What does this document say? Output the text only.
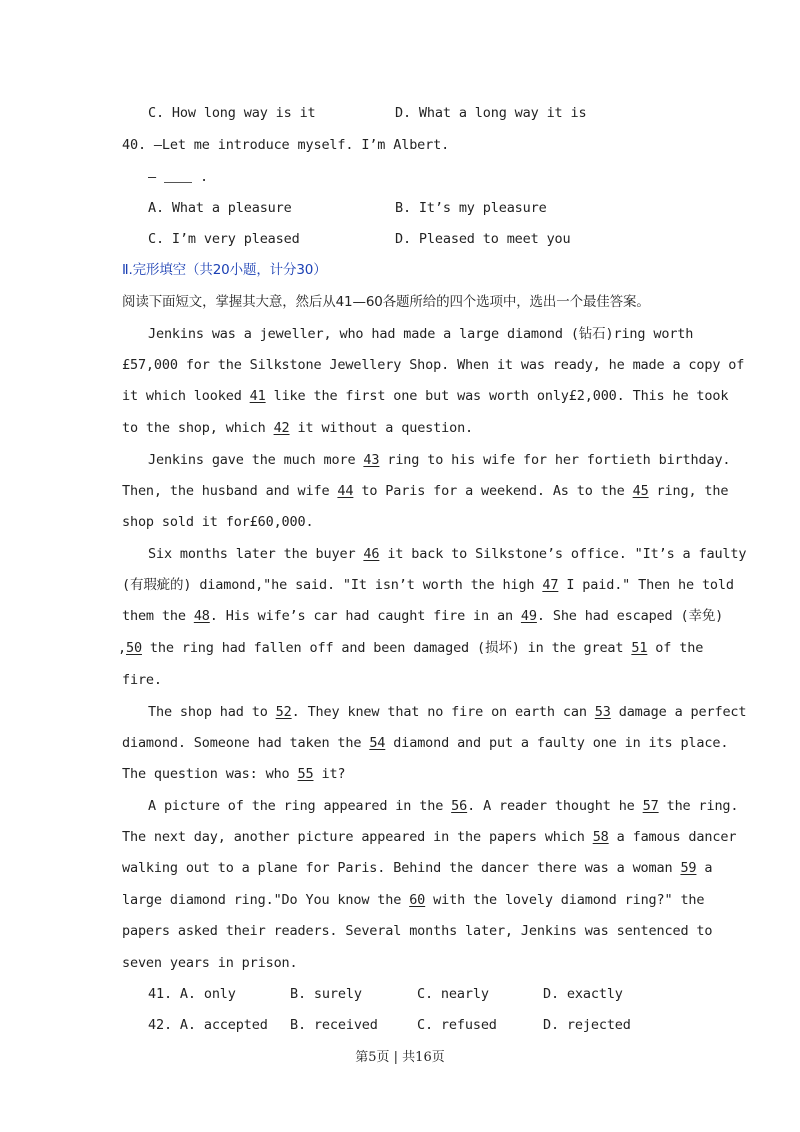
C. How long way is it	D. What a long way it is
40. —Let me introduce myself. I’m Albert.
—	.
A. What a pleasure	B. It’s my pleasure
C. I’m very pleased	D. Pleased to meet you
Ⅱ.完形填空（共20小题，计分30）
阅读下面短文，掌握其大意，然后从41—60各题所给的四个选项中，选出一个最佳答案。
Jenkins was a jeweller, who had made a large diamond (钻石)ring worth
£57,000 for the Silkstone Jewellery Shop. When it was ready, he made a copy of
it which looked 41 like the first one but was worth only£2,000. This he took
to the shop, which 42 it without a question.
Jenkins gave the much more 43 ring to his wife for her fortieth birthday.
Then, the husband and wife 44 to Paris for a weekend. As to the 45 ring, the
shop sold it for£60,000.
Six months later the buyer 46 it back to Silkstone’s office. "It’s a faulty
(有瑕疵的) diamond,"he said. "It isn’t worth the high 47 I paid." Then he told
them the 48. His wife’s car had caught fire in an 49. She had escaped (幸免)
,50 the ring had fallen off and been damaged (损坏) in the great 51 of the
fire.
The shop had to 52. They knew that no fire on earth can 53 damage a perfect
diamond. Someone had taken the 54 diamond and put a faulty one in its place.
The question was: who 55 it?
A picture of the ring appeared in the 56. A reader thought he 57 the ring.
The next day, another picture appeared in the papers which 58 a famous dancer
walking out to a plane for Paris. Behind the dancer there was a woman 59 a
large diamond ring."Do You know the 60 with the lovely diamond ring?" the
papers asked their readers. Several months later, Jenkins was sentenced to
seven years in prison.
41. A. only	B. surely	C. nearly	D. exactly
42. A. accepted B. received	C. refused	D. rejected
第5页 | 共16页
